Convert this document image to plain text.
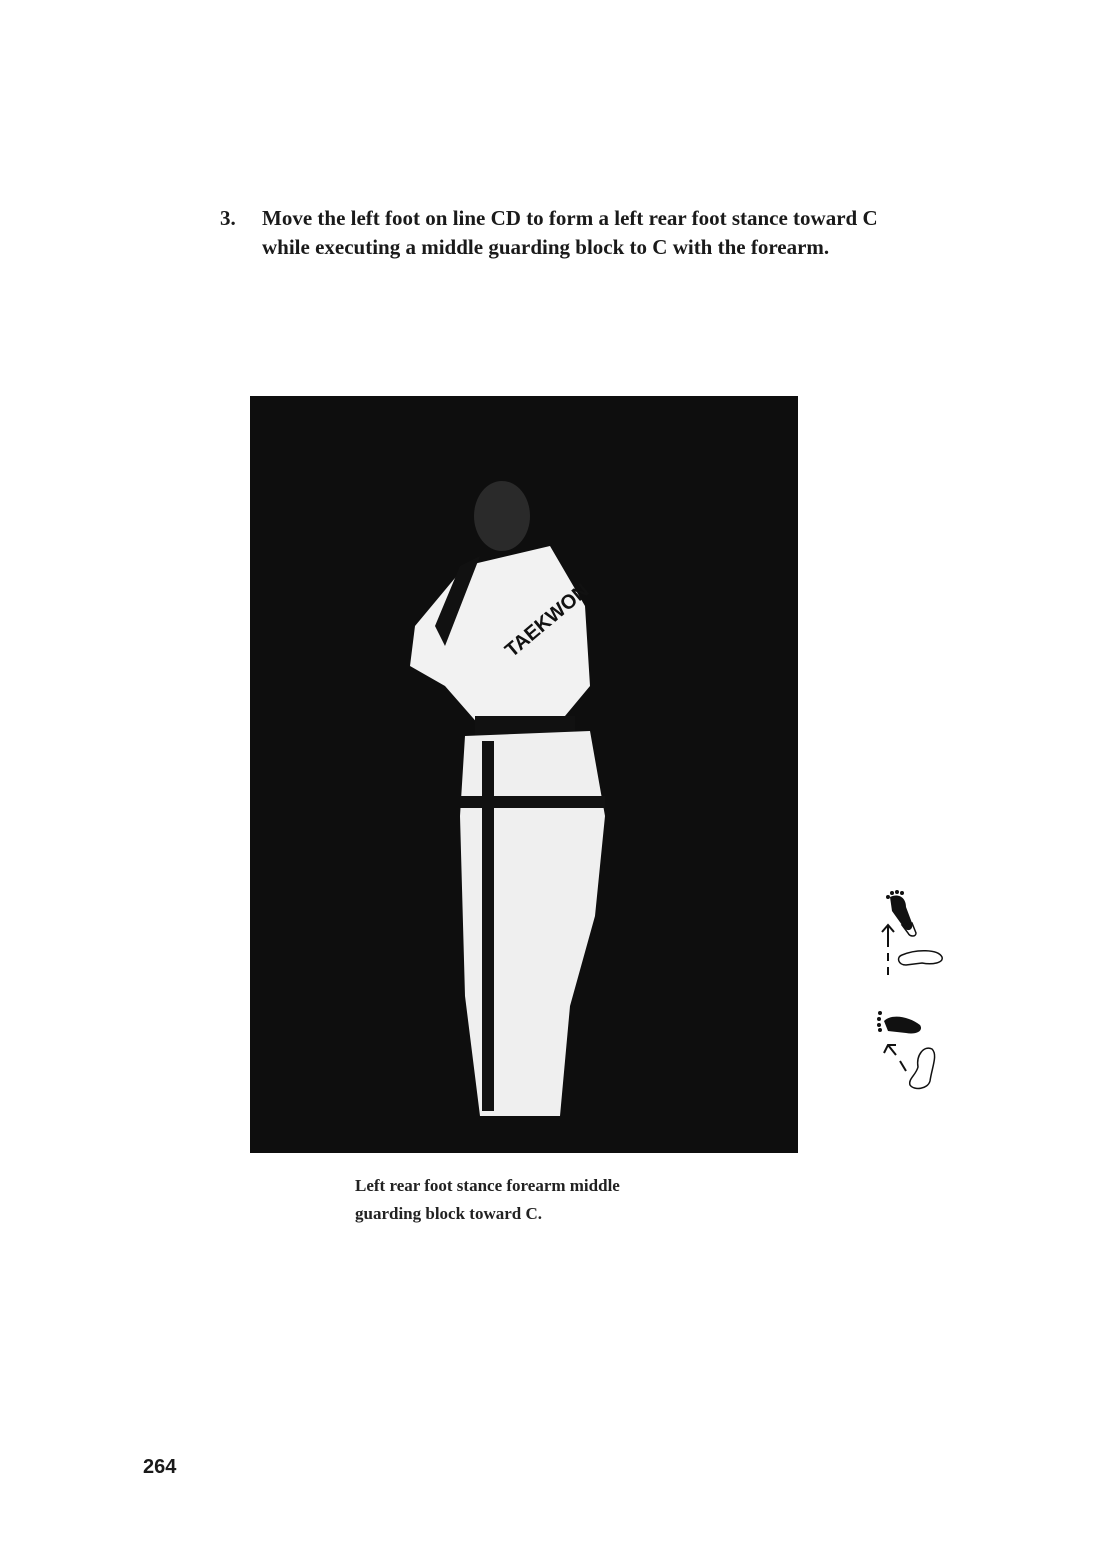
3. Move the left foot on line CD to form a left rear foot stance toward C while executing a middle guarding block to C with the forearm.
TAEKWON
Left rear foot stance forearm middle
guarding block toward C.
264
